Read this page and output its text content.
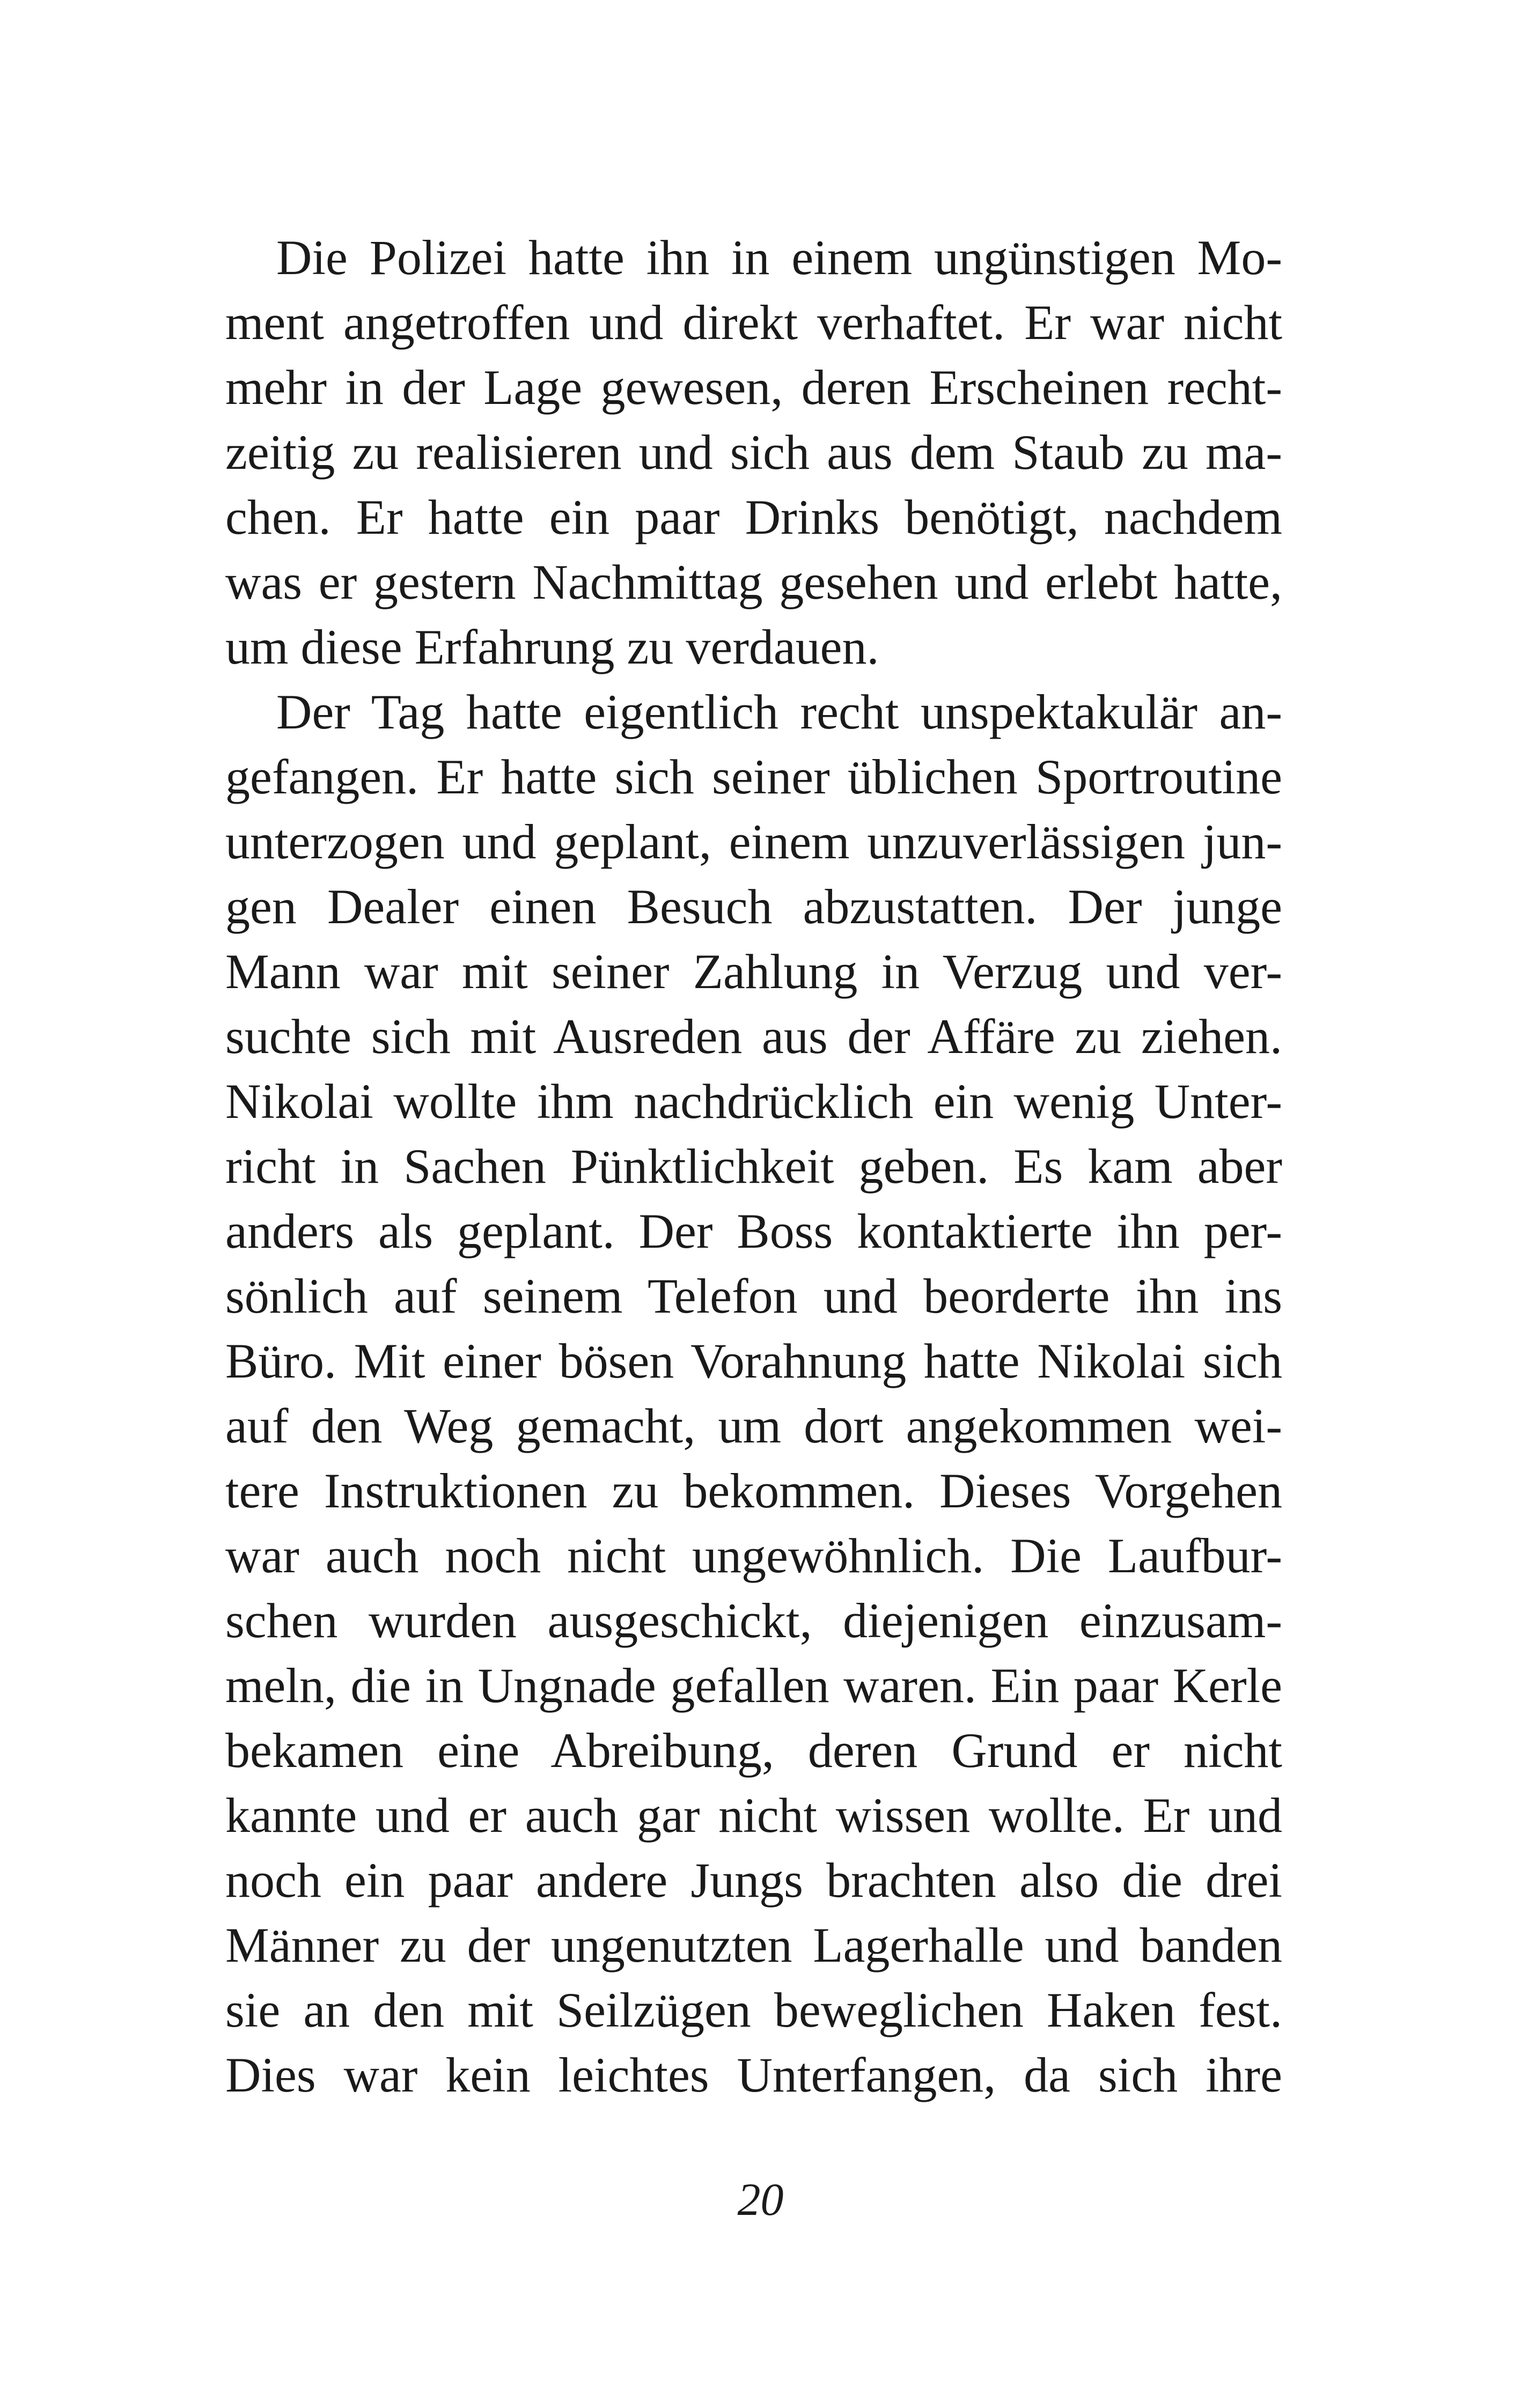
Die Polizei hatte ihn in einem ungünstigen Mo-
ment angetroffen und direkt verhaftet. Er war nicht
mehr in der Lage gewesen, deren Erscheinen recht-
zeitig zu realisieren und sich aus dem Staub zu ma-
chen. Er hatte ein paar Drinks benötigt, nachdem
was er gestern Nachmittag gesehen und erlebt hatte,
um diese Erfahrung zu verdauen.
Der Tag hatte eigentlich recht unspektakulär an-
gefangen. Er hatte sich seiner üblichen Sportroutine
unterzogen und geplant, einem unzuverlässigen jun-
gen Dealer einen Besuch abzustatten. Der junge
Mann war mit seiner Zahlung in Verzug und ver-
suchte sich mit Ausreden aus der Affäre zu ziehen.
Nikolai wollte ihm nachdrücklich ein wenig Unter-
richt in Sachen Pünktlichkeit geben. Es kam aber
anders als geplant. Der Boss kontaktierte ihn per-
sönlich auf seinem Telefon und beorderte ihn ins
Büro. Mit einer bösen Vorahnung hatte Nikolai sich
auf den Weg gemacht, um dort angekommen wei-
tere Instruktionen zu bekommen. Dieses Vorgehen
war auch noch nicht ungewöhnlich. Die Laufbur-
schen wurden ausgeschickt, diejenigen einzusam-
meln, die in Ungnade gefallen waren. Ein paar Kerle
bekamen eine Abreibung, deren Grund er nicht
kannte und er auch gar nicht wissen wollte. Er und
noch ein paar andere Jungs brachten also die drei
Männer zu der ungenutzten Lagerhalle und banden
sie an den mit Seilzügen beweglichen Haken fest.
Dies war kein leichtes Unterfangen, da sich ihre
20
